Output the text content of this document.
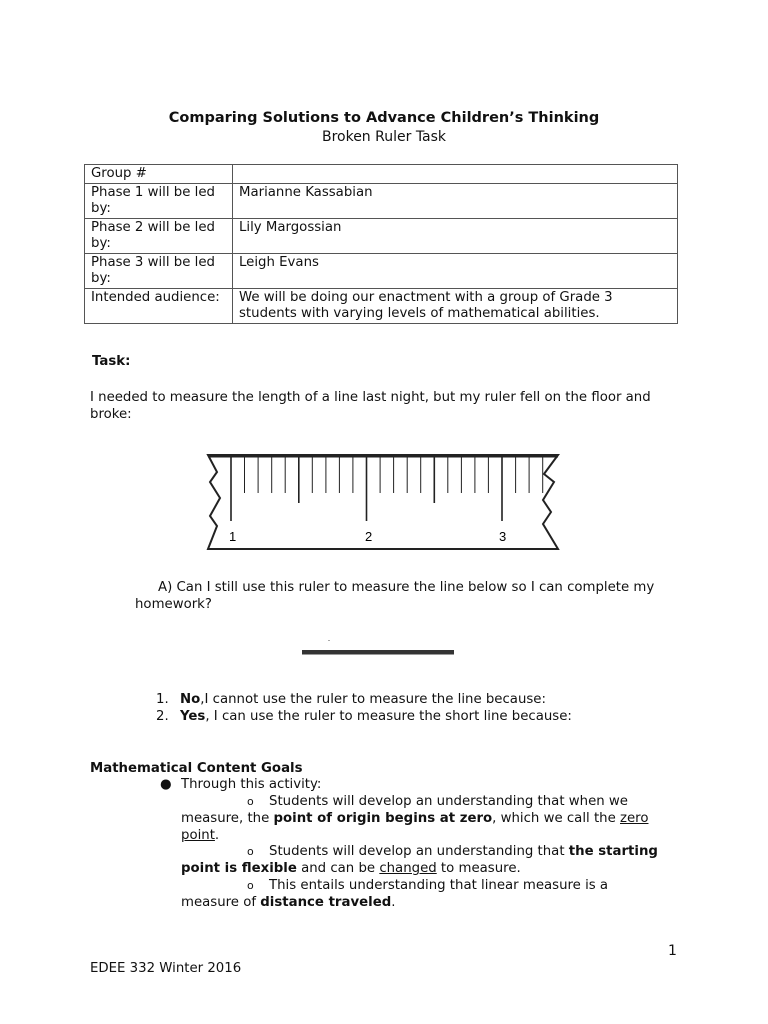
Comparing Solutions to Advance Children’s Thinking
Broken Ruler Task
Group #	
Phase 1 will be led by:	Marianne Kassabian
Phase 2 will be led by:	Lily Margossian
Phase 3 will be led by:	Leigh Evans
Intended audience:	We will be doing our enactment with a group of Grade 3 students with varying levels of mathematical abilities.
Task:
I needed to measure the length of a line last night, but my ruler fell on the floor and broke:
1	2	3
A) Can I still use this ruler to measure the line below so I can complete my
homework?
1. No,I cannot use the ruler to measure the line because:
2. Yes, I can use the ruler to measure the short line because:
Mathematical Content Goals
● Through this activity:
o Students will develop an understanding that when we
measure, the point of origin begins at zero, which we call the zero
point.
o Students will develop an understanding that the starting
point is flexible and can be changed to measure.
o This entails understanding that linear measure is a
measure of distance traveled.
1
EDEE 332 Winter 2016
